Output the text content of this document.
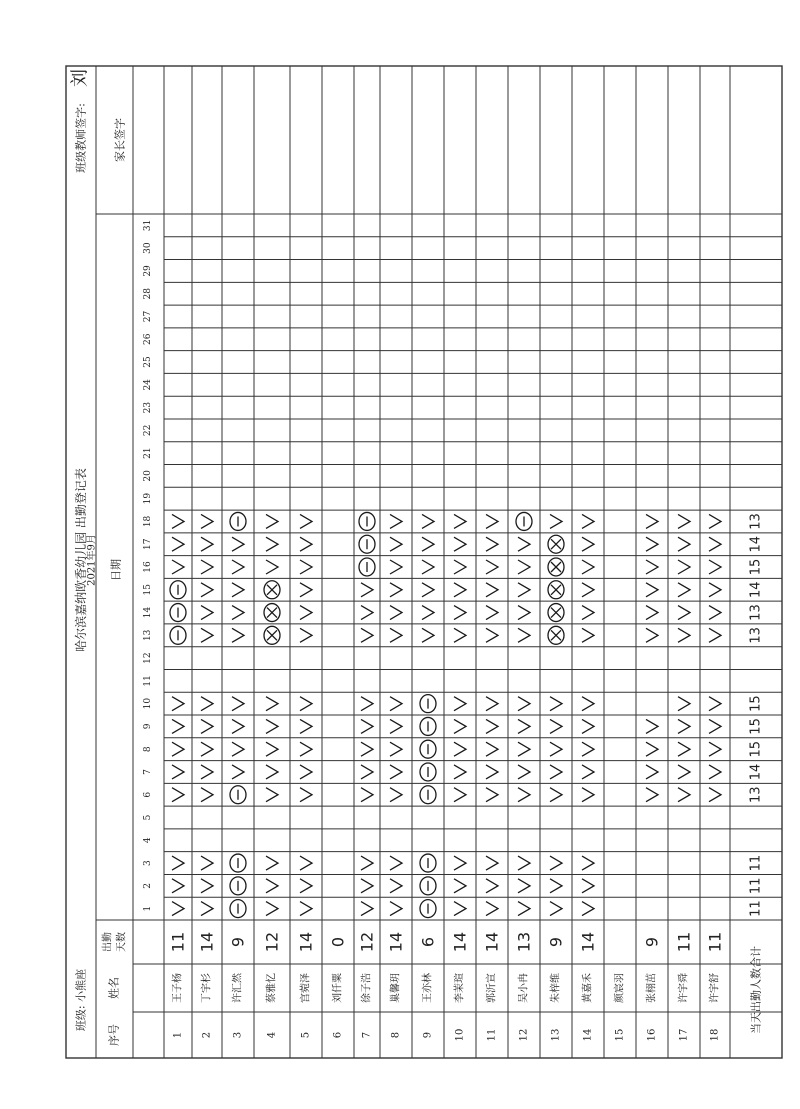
班级: 小熊座
哈尔滨嘉纳欧香幼儿园 出勤登记表
2021年9月 日期
班级教师签字: 家长签字
序号
姓名
出勤 天数
刘
1
2
3
4
5
6
7
8
9
10
11
12
13
14
15
16
17
18
19
20
21
22
23
24
25
26
27
28
29
30
31
1
王子杨
11
2
丁宇杉
14
3
许汇然
9
4
蔡雅忆
12
5
宫菀泽
14
6
刘仟粟
0
7
徐子浩
12
8
巢馨玥
14
9
王亦林
6
10
李茉瑄
14
11
郭沂宣
14
12
吴小冉
13
13
朱梓维
9
14
黄嘉禾
14
15
颜宸羽
16
张栩茁
9
17
许宇舜
11
18
许宇舒
11
当天出勤人数合计
11
11
11
13
14
15
15
15
13
13
14
15
14
13
